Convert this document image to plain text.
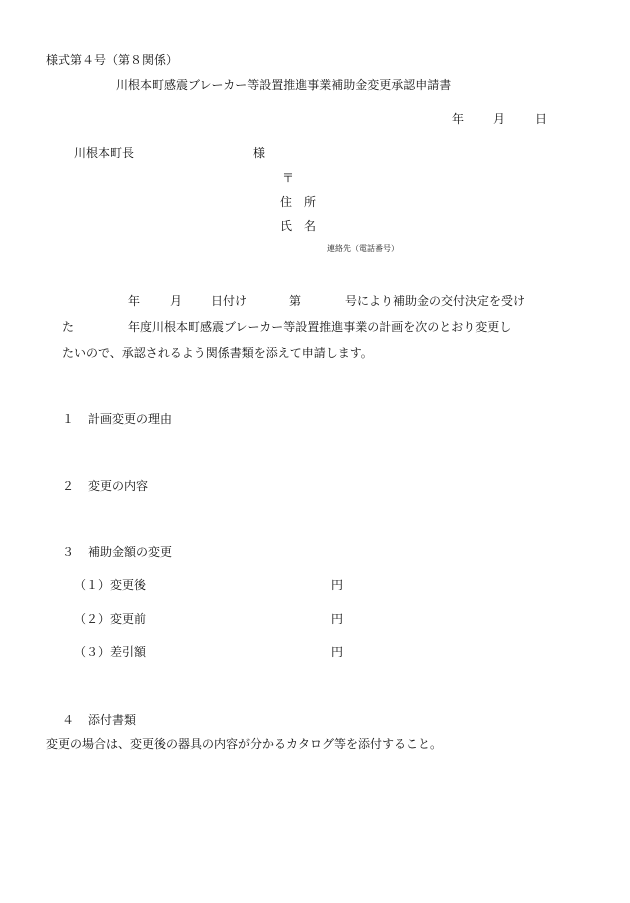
様式第４号（第８関係）
川根本町感震ブレーカー等設置推進事業補助金変更承認申請書
年 月 日
川根本町長	様
〒
住　所
氏　名
連絡先（電話番号）
年 月 日付け	第	号により補助金の交付決定を受け
た	年度川根本町感震ブレーカー等設置推進事業の計画を次のとおり変更し
たいので、承認されるよう関係書類を添えて申請します。
１ 計画変更の理由
２ 変更の内容
３ 補助金額の変更
（１）変更後	円
（２）変更前	円
（３）差引額	円
４ 添付書類
変更の場合は、変更後の器具の内容が分かるカタログ等を添付すること。
